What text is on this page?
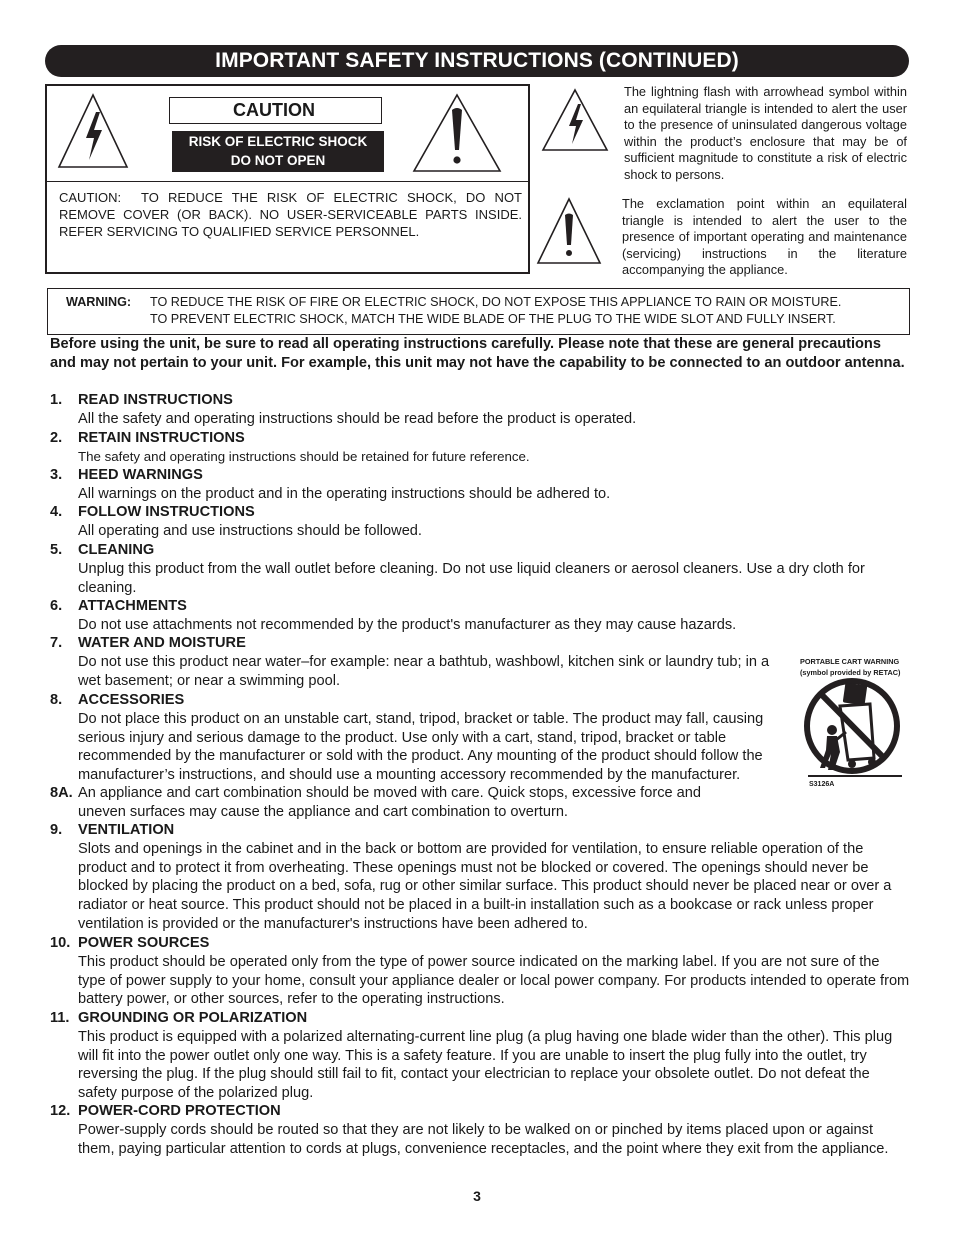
IMPORTANT SAFETY INSTRUCTIONS (CONTINUED)
CAUTION
RISK OF ELECTRIC SHOCK
DO NOT OPEN
CAUTION: TO REDUCE THE RISK OF ELECTRIC SHOCK, DO NOT REMOVE COVER (OR BACK). NO USER-SERVICEABLE PARTS INSIDE. REFER SERVICING TO QUALIFIED SERVICE PERSONNEL.
The lightning flash with arrowhead symbol within an equilateral triangle is intended to alert the user to the presence of uninsulated dangerous voltage within the product’s enclosure that may be of sufficient magnitude to constitute a risk of electric shock to persons.
The exclamation point within an equilateral triangle is intended to alert the user to the presence of important operating and maintenance (servicing) instructions in the literature accompanying the appliance.
WARNING: TO REDUCE THE RISK OF FIRE OR ELECTRIC SHOCK, DO NOT EXPOSE THIS APPLIANCE TO RAIN OR MOISTURE.
TO PREVENT ELECTRIC SHOCK, MATCH THE WIDE BLADE OF THE PLUG TO THE WIDE SLOT AND FULLY INSERT.
Before using the unit, be sure to read all operating instructions carefully. Please note that these are general precautions and may not pertain to your unit. For example, this unit may not have the capability to be connected to an outdoor antenna.
1. READ INSTRUCTIONS
All the safety and operating instructions should be read before the product is operated.
2. RETAIN INSTRUCTIONS
The safety and operating instructions should be retained for future reference.
3. HEED WARNINGS
All warnings on the product and in the operating instructions should be adhered to.
4. FOLLOW INSTRUCTIONS
All operating and use instructions should be followed.
5. CLEANING
Unplug this product from the wall outlet before cleaning. Do not use liquid cleaners or aerosol cleaners. Use a dry cloth for cleaning.
6. ATTACHMENTS
Do not use attachments not recommended by the product's manufacturer as they may cause hazards.
7. WATER AND MOISTURE
Do not use this product near water–for example: near a bathtub, washbowl, kitchen sink or laundry tub; in a wet basement; or near a swimming pool.
8. ACCESSORIES
Do not place this product on an unstable cart, stand, tripod, bracket or table. The product may fall, causing serious injury and serious damage to the product. Use only with a cart, stand, tripod, bracket or table recommended by the manufacturer or sold with the product. Any mounting of the product should follow the manufacturer’s instructions, and should use a mounting accessory recommended by the manufacturer.
8A. An appliance and cart combination should be moved with care. Quick stops, excessive force and uneven surfaces may cause the appliance and cart combination to overturn.
9. VENTILATION
Slots and openings in the cabinet and in the back or bottom are provided for ventilation, to ensure reliable operation of the product and to protect it from overheating. These openings must not be blocked or covered. The openings should never be blocked by placing the product on a bed, sofa, rug or other similar surface. This product should never be placed near or over a radiator or heat source. This product should not be placed in a built-in installation such as a bookcase or rack unless proper ventilation is provided or the manufacturer's instructions have been adhered to.
10. POWER SOURCES
This product should be operated only from the type of power source indicated on the marking label. If you are not sure of the type of power supply to your home, consult your appliance dealer or local power company. For products intended to operate from battery power, or other sources, refer to the operating instructions.
11. GROUNDING OR POLARIZATION
This product is equipped with a polarized alternating-current line plug (a plug having one blade wider than the other). This plug will fit into the power outlet only one way. This is a safety feature. If you are unable to insert the plug fully into the outlet, try reversing the plug. If the plug should still fail to fit, contact your electrician to replace your obsolete outlet. Do not defeat the safety purpose of the polarized plug.
12. POWER-CORD PROTECTION
Power-supply cords should be routed so that they are not likely to be walked on or pinched by items placed upon or against them, paying particular attention to cords at plugs, convenience receptacles, and the point where they exit from the appliance.
PORTABLE CART WARNING
(symbol provided by RETAC)
S3126A
3
